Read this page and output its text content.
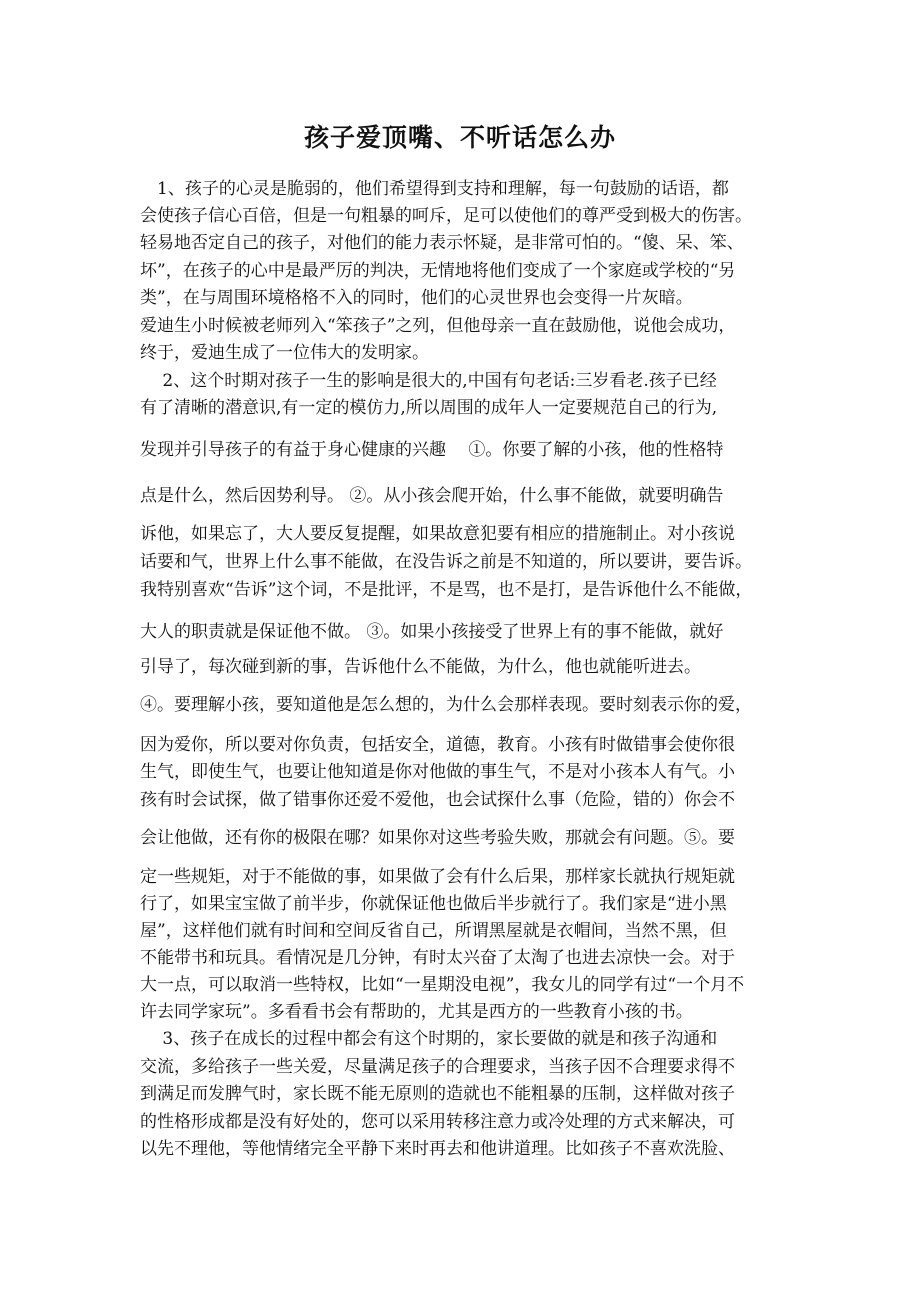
孩子爱顶嘴、不听话怎么办
　1、孩子的心灵是脆弱的，他们希望得到支持和理解，每一句鼓励的话语，都
会使孩子信心百倍，但是一句粗暴的呵斥，足可以使他们的尊严受到极大的伤害。
轻易地否定自己的孩子，对他们的能力表示怀疑，是非常可怕的。“傻、呆、笨、
坏”，在孩子的心中是最严厉的判决，无情地将他们变成了一个家庭或学校的“另
类”，在与周围环境格格不入的同时，他们的心灵世界也会变得一片灰暗。
爱迪生小时候被老师列入“笨孩子”之列，但他母亲一直在鼓励他，说他会成功，
终于，爱迪生成了一位伟大的发明家。
　 2、这个时期对孩子一生的影响是很大的,中国有句老话:三岁看老.孩子已经
有了清晰的潜意识,有一定的模仿力,所以周围的成年人一定要规范自己的行为,
发现并引导孩子的有益于身心健康的兴趣　 ①。你要了解的小孩，他的性格特
点是什么，然后因势利导。 ②。从小孩会爬开始，什么事不能做，就要明确告
诉他，如果忘了，大人要反复提醒，如果故意犯要有相应的措施制止。对小孩说
话要和气，世界上什么事不能做，在没告诉之前是不知道的，所以要讲，要告诉。
我特别喜欢“告诉”这个词，不是批评，不是骂，也不是打，是告诉他什么不能做，
大人的职责就是保证他不做。 ③。如果小孩接受了世界上有的事不能做，就好
引导了，每次碰到新的事，告诉他什么不能做，为什么，他也就能听进去。
④。要理解小孩，要知道他是怎么想的，为什么会那样表现。要时刻表示你的爱，
因为爱你，所以要对你负责，包括安全，道德，教育。小孩有时做错事会使你很
生气，即使生气，也要让他知道是你对他做的事生气，不是对小孩本人有气。小
孩有时会试探，做了错事你还爱不爱他，也会试探什么事（危险，错的）你会不
会让他做，还有你的极限在哪？如果你对这些考验失败，那就会有问题。⑤。要
定一些规矩，对于不能做的事，如果做了会有什么后果，那样家长就执行规矩就
行了，如果宝宝做了前半步，你就保证他也做后半步就行了。我们家是“进小黑
屋”，这样他们就有时间和空间反省自己，所谓黑屋就是衣帽间，当然不黑，但
不能带书和玩具。看情况是几分钟，有时太兴奋了太淘了也进去凉快一会。对于
大一点，可以取消一些特权，比如“一星期没电视”，我女儿的同学有过“一个月不
许去同学家玩”。多看看书会有帮助的，尤其是西方的一些教育小孩的书。
　 3、孩子在成长的过程中都会有这个时期的，家长要做的就是和孩子沟通和
交流，多给孩子一些关爱，尽量满足孩子的合理要求，当孩子因不合理要求得不
到满足而发脾气时，家长既不能无原则的造就也不能粗暴的压制，这样做对孩子
的性格形成都是没有好处的，您可以采用转移注意力或冷处理的方式来解决，可
以先不理他，等他情绪完全平静下来时再去和他讲道理。比如孩子不喜欢洗脸、
